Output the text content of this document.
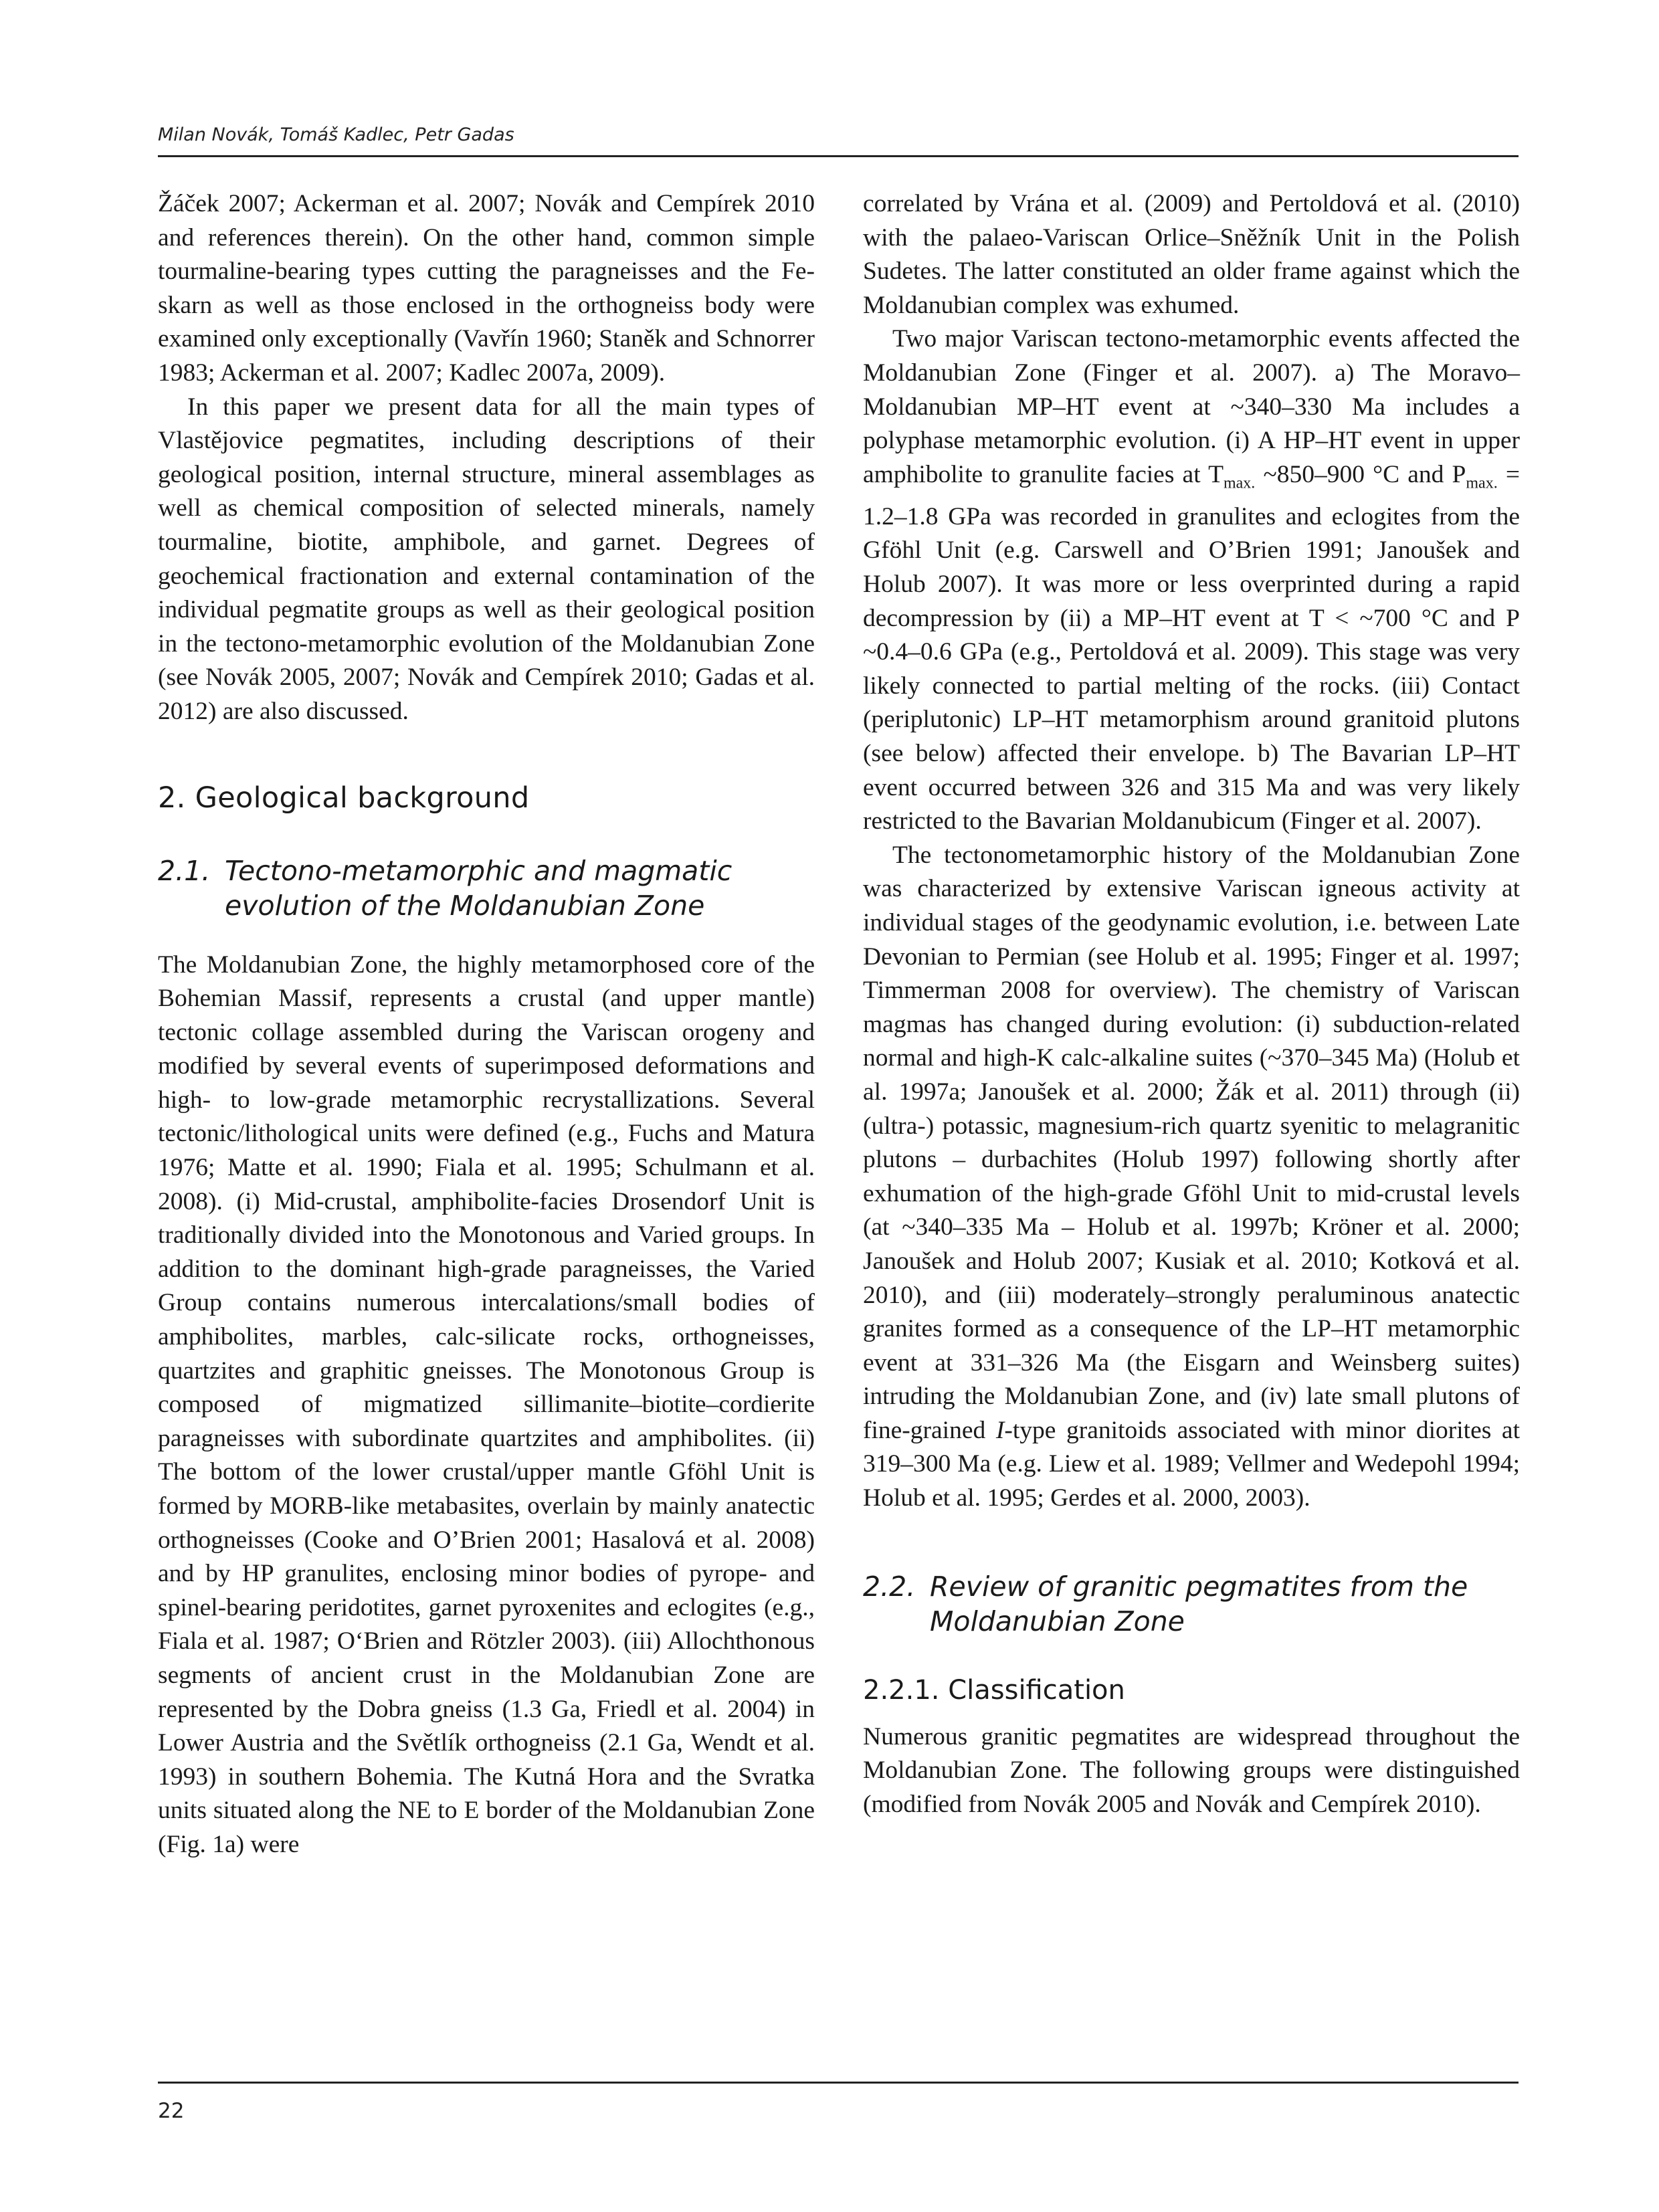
Milan Novák, Tomáš Kadlec, Petr Gadas

Žáček 2007; Ackerman et al. 2007; Novák and Cempírek 2010 and references therein). On the other hand, common simple tourmaline-bearing types cutting the paragneisses and the Fe-skarn as well as those enclosed in the orthogneiss body were examined only exceptionally (Vavřín 1960; Staněk and Schnorrer 1983; Ackerman et al. 2007; Kadlec 2007a, 2009).

In this paper we present data for all the main types of Vlastějovice pegmatites, including descriptions of their geological position, internal structure, mineral assemblages as well as chemical composition of selected minerals, namely tourmaline, biotite, amphibole, and garnet. Degrees of geochemical fractionation and external contamination of the individual pegmatite groups as well as their geological position in the tectono-metamorphic evolution of the Moldanubian Zone (see Novák 2005, 2007; Novák and Cempírek 2010; Gadas et al. 2012) are also discussed.

2. Geological background
2.1. Tectono-metamorphic and magmatic evolution of the Moldanubian Zone

The Moldanubian Zone, the highly metamorphosed core of the Bohemian Massif, represents a crustal (and upper mantle) tectonic collage assembled during the Variscan orogeny and modified by several events of superimposed deformations and high- to low-grade metamorphic recrystallizations. Several tectonic/lithological units were defined (e.g., Fuchs and Matura 1976; Matte et al. 1990; Fiala et al. 1995; Schulmann et al. 2008). (i) Mid-crustal, amphibolite-facies Drosendorf Unit is traditionally divided into the Monotonous and Varied groups. In addition to the dominant high-grade paragneisses, the Varied Group contains numerous intercalations/small bodies of amphibolites, marbles, calc-silicate rocks, orthogneisses, quartzites and graphitic gneisses. The Monotonous Group is composed of migmatized sillimanite–biotite–cordierite paragneisses with subordinate quartzites and amphibolites. (ii) The bottom of the lower crustal/upper mantle Gföhl Unit is formed by MORB-like metabasites, overlain by mainly anatectic orthogneisses (Cooke and O’Brien 2001; Hasalová et al. 2008) and by HP granulites, enclosing minor bodies of pyrope- and spinel-bearing peridotites, garnet pyroxenites and eclogites (e.g., Fiala et al. 1987; O‘Brien and Rötzler 2003). (iii) Allochthonous segments of ancient crust in the Moldanubian Zone are represented by the Dobra gneiss (1.3 Ga, Friedl et al. 2004) in Lower Austria and the Světlík orthogneiss (2.1 Ga, Wendt et al. 1993) in southern Bohemia. The Kutná Hora and the Svratka units situated along the NE to E border of the Moldanubian Zone (Fig. 1a) were

correlated by Vrána et al. (2009) and Pertoldová et al. (2010) with the palaeo-Variscan Orlice–Sněžník Unit in the Polish Sudetes. The latter constituted an older frame against which the Moldanubian complex was exhumed.

Two major Variscan tectono-metamorphic events affected the Moldanubian Zone (Finger et al. 2007). a) The Moravo–Moldanubian MP–HT event at ~340–330 Ma includes a polyphase metamorphic evolution. (i) A HP–HT event in upper amphibolite to granulite facies at $T_{max.}$ ~850–900 °C and $P_{max.} = 1.2-1.8$ GPa was recorded in granulites and eclogites from the Gföhl Unit (e.g. Carswell and O’Brien 1991; Janoušek and Holub 2007). It was more or less overprinted during a rapid decompression by (ii) a MP–HT event at T < ~700 °C and P ~0.4–0.6 GPa (e.g., Pertoldová et al. 2009). This stage was very likely connected to partial melting of the rocks. (iii) Contact (periplutonic) LP–HT metamorphism around granitoid plutons (see below) affected their envelope. b) The Bavarian LP–HT event occurred between 326 and 315 Ma and was very likely restricted to the Bavarian Moldanubicum (Finger et al. 2007).

The tectonometamorphic history of the Moldanubian Zone was characterized by extensive Variscan igneous activity at individual stages of the geodynamic evolution, i.e. between Late Devonian to Permian (see Holub et al. 1995; Finger et al. 1997; Timmerman 2008 for overview). The chemistry of Variscan magmas has changed during evolution: (i) subduction-related normal and high-K calc-alkaline suites (~370–345 Ma) (Holub et al. 1997a; Janoušek et al. 2000; Žák et al. 2011) through (ii) (ultra-) potassic, magnesium-rich quartz syenitic to melagranitic plutons – durbachites (Holub 1997) following shortly after exhumation of the high-grade Gföhl Unit to mid-crustal levels (at ~340–335 Ma – Holub et al. 1997b; Kröner et al. 2000; Janoušek and Holub 2007; Kusiak et al. 2010; Kotková et al. 2010), and (iii) moderately–strongly peraluminous anatectic granites formed as a consequence of the LP–HT metamorphic event at 331–326 Ma (the Eisgarn and Weinsberg suites) intruding the Moldanubian Zone, and (iv) late small plutons of fine-grained I-type granitoids associated with minor diorites at 319–300 Ma (e.g. Liew et al. 1989; Vellmer and Wedepohl 1994; Holub et al. 1995; Gerdes et al. 2000, 2003).

2.2. Review of granitic pegmatites from the Moldanubian Zone
2.2.1. Classification

Numerous granitic pegmatites are widespread throughout the Moldanubian Zone. The following groups were distinguished (modified from Novák 2005 and Novák and Cempírek 2010).

22
